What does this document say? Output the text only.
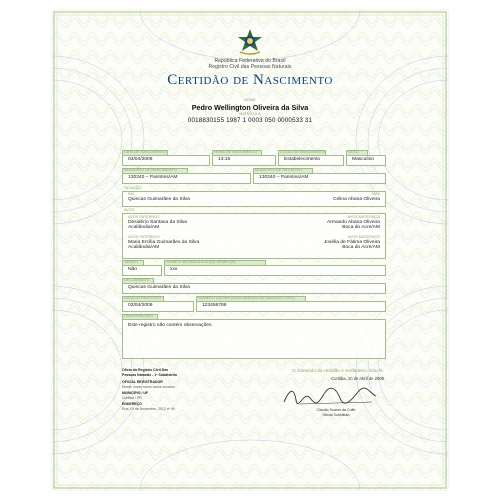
República Federativa do Brasil
Registro Civil das Pessoas Naturais
Certidão de Nascimento
NOME
Pedro Wellington Oliveira da Silva
MATRÍCULA
0018830155 1987 1 0003 050 0000533 31
DATA DE NASCIMENTO
03/04/2009
HORA DE NASCIMENTO
13:15
LOCAL DE NASCIMENTO
Estabelecimento
SEXO
Masculino
MUNICÍPIO DE NASCIMENTO
130340 – Parintins/AM
MUNICÍPIO DE REGISTRO
130340 – Parintins/AM
FILIAÇÃO
PAI
Quincas Guimarães da Silva
MÃE
Celina Abana Oliveira
AVÓS
AVÓS PATERNOS
Desidério Santana da Silva
Acaliândia/AM
AVÓS MATERNOS
Armando Abana Oliveira
Boca do Acre/AM
AVÓS PATERNOS
Maria Ercília Guimarães da Silva
Acaliândia/AM
AVÓS MATERNOS
Josélia de Fátima Oliveira
Boca do Acre/AM
GÊMEO
Não
NOME E MATRÍCULA DO(S) GÊMEO(S)
xxx
DECLARANTE
Quincas Guimarães da Silva
DATA DO REGISTRO
03/04/2009
NÚMERO DA DNV (DECLARAÇÃO DE NASCIDO VIVO)
123456789
OBSERVAÇÕES
Este registro não contém observações.
Ofício do Registro Civil Das
Pessoas Naturais - 1º Subdistrito
OFICIAL REGISTRADOR
Nome: xxxxx xxxxx xxxxx xxxxxxx
MUNICÍPIO / UF
Curitiba / PR
ENDEREÇO
Rua XV de Novembro, 2012 nº 90
O conteúdo da certidão é verdadeiro. Dou fé.
Curitiba, 10 de Abril de 2009
Cláudio Soares da Cuffe
Oficial Substituto
